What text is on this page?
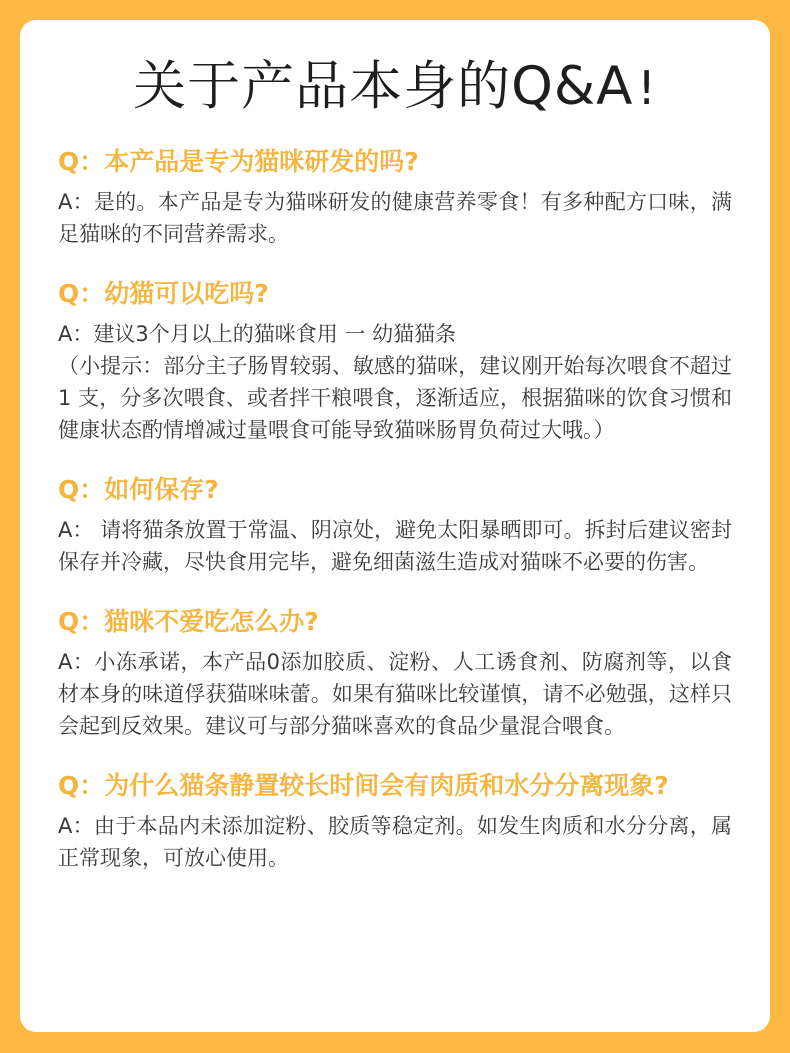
关于产品本身的Q&A!
Q：本产品是专为猫咪研发的吗?

A：是的。本产品是专为猫咪研发的健康营养零食！有多种配方口味，满足猫咪的不同营养需求。

Q：幼猫可以吃吗?

A：建议3个月以上的猫咪食用 一 幼猫猫条

（小提示：部分主子肠胃较弱、敏感的猫咪，建议刚开始每次喂食不超过 1 支，分多次喂食、或者拌干粮喂食，逐渐适应，根据猫咪的饮食习惯和健康状态酌情增减过量喂食可能导致猫咪肠胃负荷过大哦。）

Q：如何保存?

A： 请将猫条放置于常温、阴凉处，避免太阳暴晒即可。拆封后建议密封保存并冷藏，尽快食用完毕，避免细菌滋生造成对猫咪不必要的伤害。

Q：猫咪不爱吃怎么办?

A：小冻承诺，本产品0添加胶质、淀粉、人工诱食剂、防腐剂等，以食材本身的味道俘获猫咪味蕾。如果有猫咪比较谨慎，请不必勉强，这样只会起到反效果。建议可与部分猫咪喜欢的食品少量混合喂食。

Q：为什么猫条静置较长时间会有肉质和水分分离现象?

A：由于本品内未添加淀粉、胶质等稳定剂。如发生肉质和水分分离，属正常现象，可放心使用。
